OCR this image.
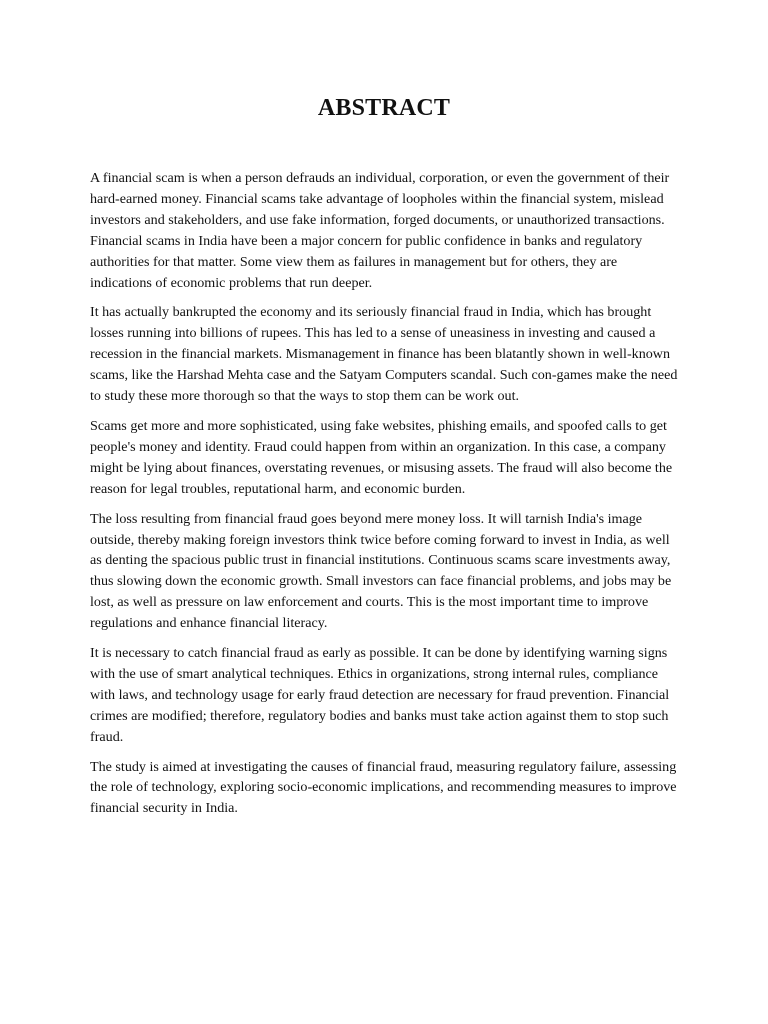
ABSTRACT

A financial scam is when a person defrauds an individual, corporation, or even the government of their hard-earned money. Financial scams take advantage of loopholes within the financial system, mislead investors and stakeholders, and use fake information, forged documents, or unauthorized transactions. Financial scams in India have been a major concern for public confidence in banks and regulatory authorities for that matter. Some view them as failures in management but for others, they are indications of economic problems that run deeper.

It has actually bankrupted the economy and its seriously financial fraud in India, which has brought losses running into billions of rupees. This has led to a sense of uneasiness in investing and caused a recession in the financial markets. Mismanagement in finance has been blatantly shown in well-known scams, like the Harshad Mehta case and the Satyam Computers scandal. Such con-games make the need to study these more thorough so that the ways to stop them can be work out.

Scams get more and more sophisticated, using fake websites, phishing emails, and spoofed calls to get people's money and identity. Fraud could happen from within an organization. In this case, a company might be lying about finances, overstating revenues, or misusing assets. The fraud will also become the reason for legal troubles, reputational harm, and economic burden.

The loss resulting from financial fraud goes beyond mere money loss. It will tarnish India's image outside, thereby making foreign investors think twice before coming forward to invest in India, as well as denting the spacious public trust in financial institutions. Continuous scams scare investments away, thus slowing down the economic growth. Small investors can face financial problems, and jobs may be lost, as well as pressure on law enforcement and courts. This is the most important time to improve regulations and enhance financial literacy.

It is necessary to catch financial fraud as early as possible. It can be done by identifying warning signs with the use of smart analytical techniques. Ethics in organizations, strong internal rules, compliance with laws, and technology usage for early fraud detection are necessary for fraud prevention. Financial crimes are modified; therefore, regulatory bodies and banks must take action against them to stop such fraud.

The study is aimed at investigating the causes of financial fraud, measuring regulatory failure, assessing the role of technology, exploring socio-economic implications, and recommending measures to improve financial security in India.
